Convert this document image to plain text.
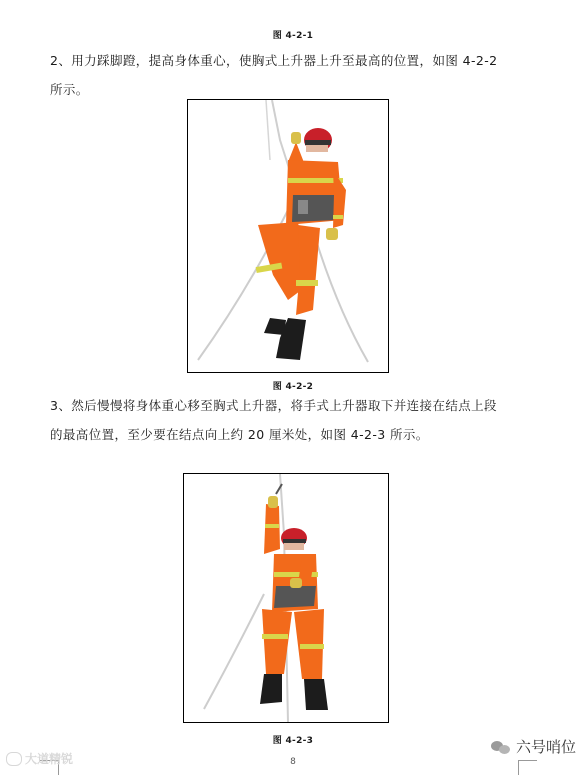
图 4-2-1
2、用力踩脚蹬，提高身体重心，使胸式上升器上升至最高的位置，如图 4-2-2
所示。
图 4-2-2
3、然后慢慢将身体重心移至胸式上升器，将手式上升器取下并连接在结点上段
的最高位置，至少要在结点向上约 20 厘米处，如图 4-2-3 所示。
图 4-2-3
8
大道精锐
六号哨位
